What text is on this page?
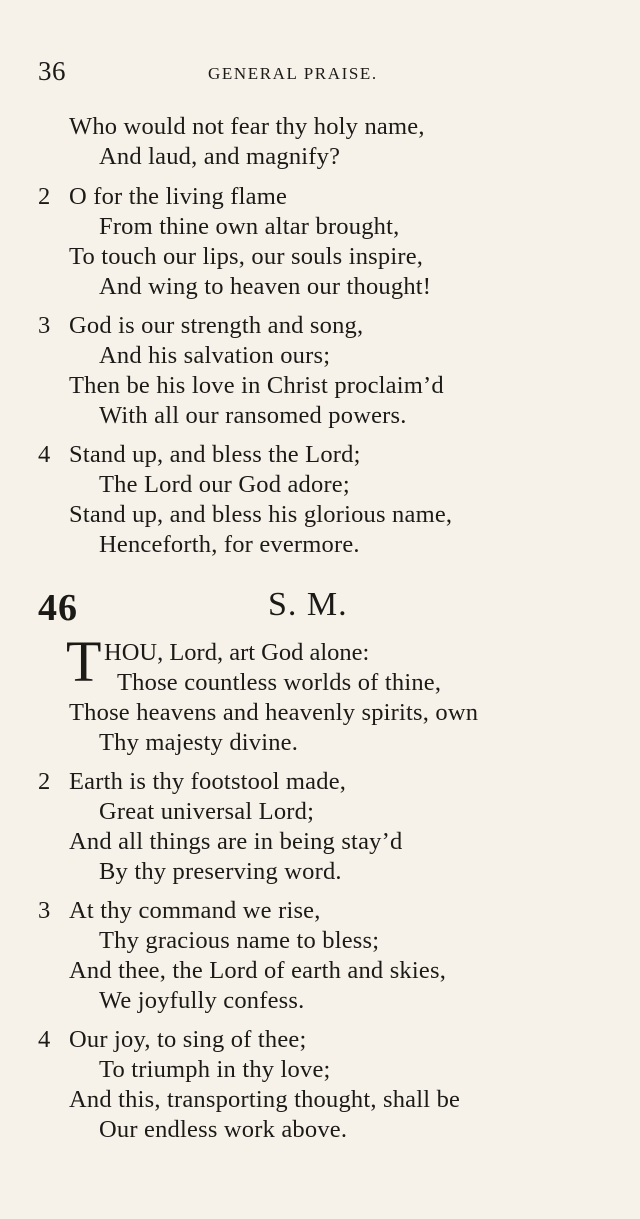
36	GENERAL PRAISE.
Who would not fear thy holy name,
And laud, and magnify?
2 O for the living flame
From thine own altar brought,
To touch our lips, our souls inspire,
And wing to heaven our thought!
3 God is our strength and song,
And his salvation ours;
Then be his love in Christ proclaim’d
With all our ransomed powers.
4 Stand up, and bless the Lord;
The Lord our God adore;
Stand up, and bless his glorious name,
Henceforth, for evermore.
46	S. M.
T HOU, Lord, art God alone:
Those countless worlds of thine,
Those heavens and heavenly spirits, own
Thy majesty divine.
2 Earth is thy footstool made,
Great universal Lord;
And all things are in being stay’d
By thy preserving word.
3 At thy command we rise,
Thy gracious name to bless;
And thee, the Lord of earth and skies,
We joyfully confess.
4 Our joy, to sing of thee;
To triumph in thy love;
And this, transporting thought, shall be
Our endless work above.
